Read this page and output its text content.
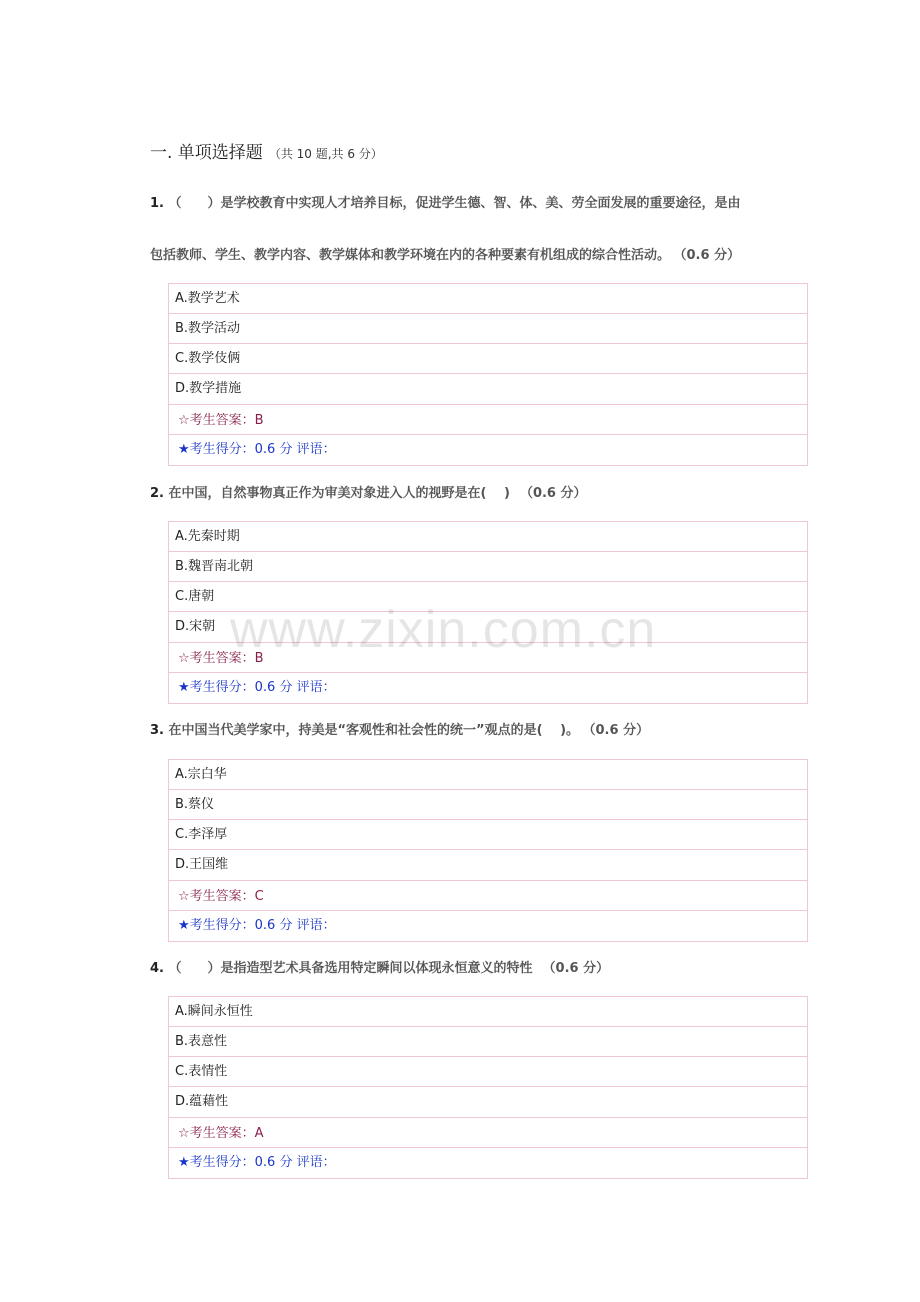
一. 单项选择题 （共 10 题,共 6 分）
1. （　　）是学校教育中实现人才培养目标，促进学生德、智、体、美、劳全面发展的重要途径，是由
包括教师、学生、教学内容、教学媒体和教学环境在内的各种要素有机组成的综合性活动。 （0.6 分）
A.教学艺术
B.教学活动
C.教学伎俩
D.教学措施
☆考生答案：B
★考生得分：0.6 分 评语：
2. 在中国，自然事物真正作为审美对象进入人的视野是在(　 ) （0.6 分）
A.先秦时期
B.魏晋南北朝
C.唐朝
D.宋朝
☆考生答案：B
★考生得分：0.6 分 评语：
3. 在中国当代美学家中，持美是“客观性和社会性的统一”观点的是(　 )。 （0.6 分）
A.宗白华
B.蔡仪
C.李泽厚
D.王国维
☆考生答案：C
★考生得分：0.6 分 评语：
4. （　　）是指造型艺术具备选用特定瞬间以体现永恒意义的特性 （0.6 分）
A.瞬间永恒性
B.表意性
C.表情性
D.蕴藉性
☆考生答案：A
★考生得分：0.6 分 评语：
www.zixin.com.cn
